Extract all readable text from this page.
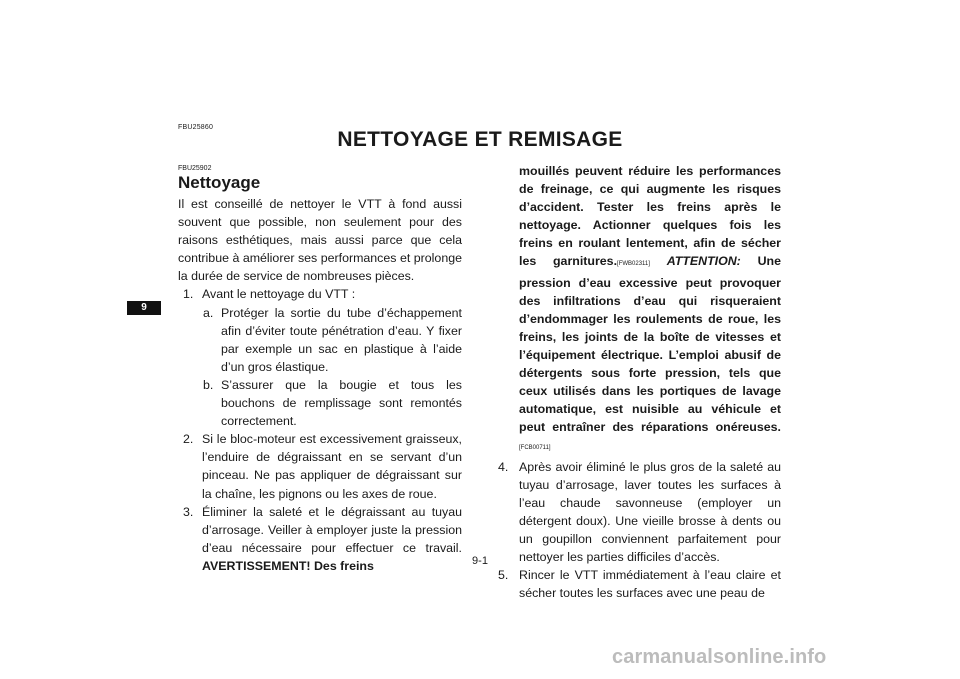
FBU25860
NETTOYAGE ET REMISAGE
9
FBU25902
Nettoyage

Il est conseillé de nettoyer le VTT à fond aussi souvent que possible, non seulement pour des raisons esthétiques, mais aussi parce que cela contribue à améliorer ses performances et prolonge la durée de service de nombreuses pièces.

1. Avant le nettoyage du VTT :
a. Protéger la sortie du tube d’échappement afin d’éviter toute pénétration d’eau. Y fixer par exemple un sac en plastique à l’aide d’un gros élastique.
b. S’assurer que la bougie et tous les bouchons de remplissage sont remontés correctement.
2. Si le bloc-moteur est excessivement graisseux, l’enduire de dégraissant en se servant d’un pinceau. Ne pas appliquer de dégraissant sur la chaîne, les pignons ou les axes de roue.
3. Éliminer la saleté et le dégraissant au tuyau d’arrosage. Veiller à employer juste la pression d’eau nécessaire pour effectuer ce travail. AVERTISSEMENT! Des freins
mouillés peuvent réduire les performances de freinage, ce qui augmente les risques d’accident. Tester les freins après le nettoyage. Actionner quelques fois les freins en roulant lentement, afin de sécher les garnitures.[FWB02311] ATTENTION: Une pression d’eau excessive peut provoquer des infiltrations d’eau qui risqueraient d’endommager les roulements de roue, les freins, les joints de la boîte de vitesses et l’équipement électrique. L’emploi abusif de détergents sous forte pression, tels que ceux utilisés dans les portiques de lavage automatique, est nuisible au véhicule et peut entraîner des réparations onéreuses.[FCB00711]
4. Après avoir éliminé le plus gros de la saleté au tuyau d’arrosage, laver toutes les surfaces à l’eau chaude savonneuse (employer un détergent doux). Une vieille brosse à dents ou un goupillon conviennent parfaitement pour nettoyer les parties difficiles d’accès.
5. Rincer le VTT immédiatement à l’eau claire et sécher toutes les surfaces avec une peau de
9-1
carmanualsonline.info
